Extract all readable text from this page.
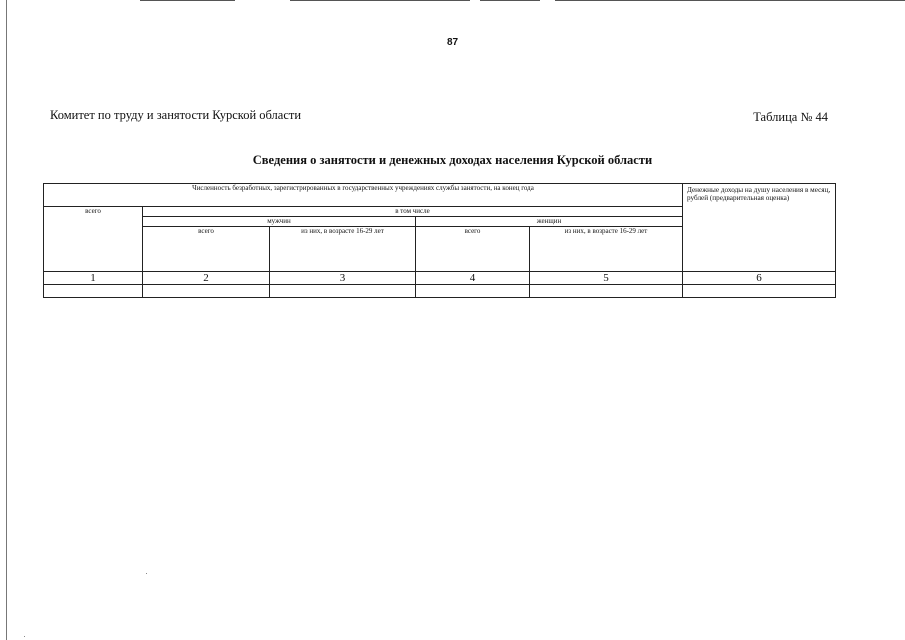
87
Комитет по труду и занятости Курской области	Таблица № 44
Сведения о занятости и денежных доходах населения Курской области
Численность безработных, зарегистрированных в государственных учреждениях службы занятости, на конец года					Денежные доходы на душу населения в месяц, рублей (предварительная оценка)
всего	в том числе				
	мужчин		женщин		
	всего	из них, в возрасте 16-29 лет	всего	из них, в возрасте 16-29 лет	
1	2	3	4	5	6
